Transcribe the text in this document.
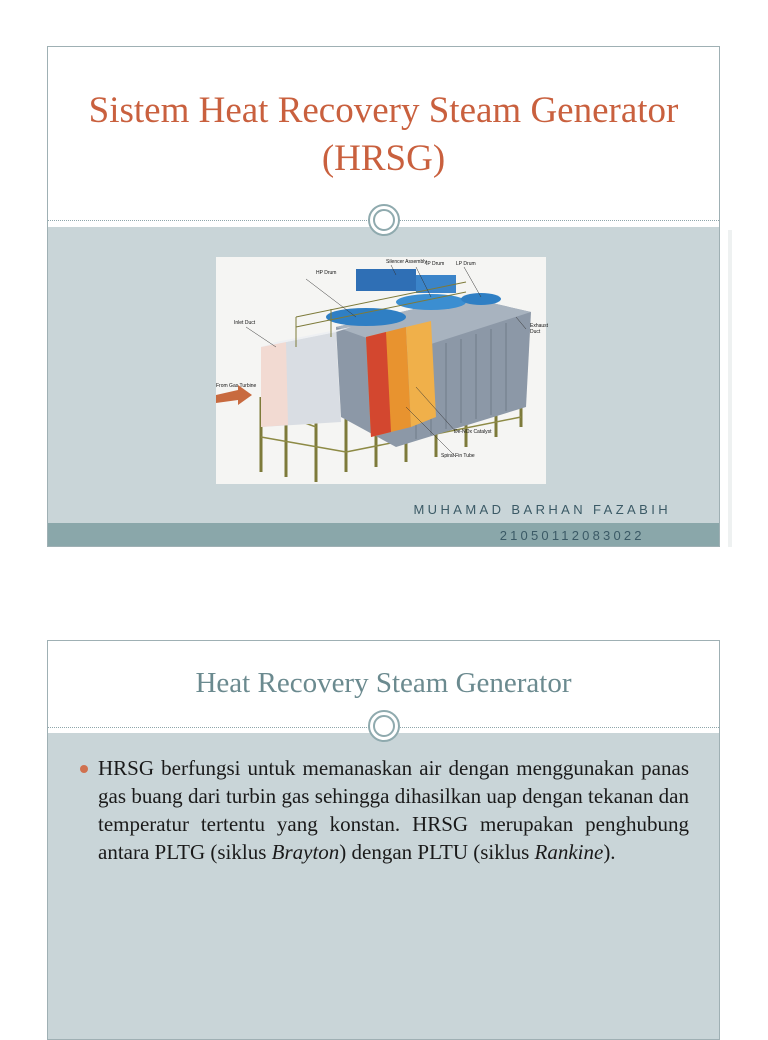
Sistem Heat Recovery Steam Generator (HRSG)
Silencer Assembly IP Drum LP Drum
HP Drum
Inlet Duct	Exhaust Duct
From Gas Turbine
De-NOx Catalyst
Spiral Fin Tube
MUHAMAD BARHAN FAZABIH
21050112083022
Heat Recovery Steam Generator
HRSG berfungsi untuk memanaskan air dengan menggunakan panas gas buang dari turbin gas sehingga dihasilkan uap dengan tekanan dan temperatur tertentu yang konstan. HRSG merupakan penghubung antara PLTG (siklus Brayton) dengan PLTU (siklus Rankine).
